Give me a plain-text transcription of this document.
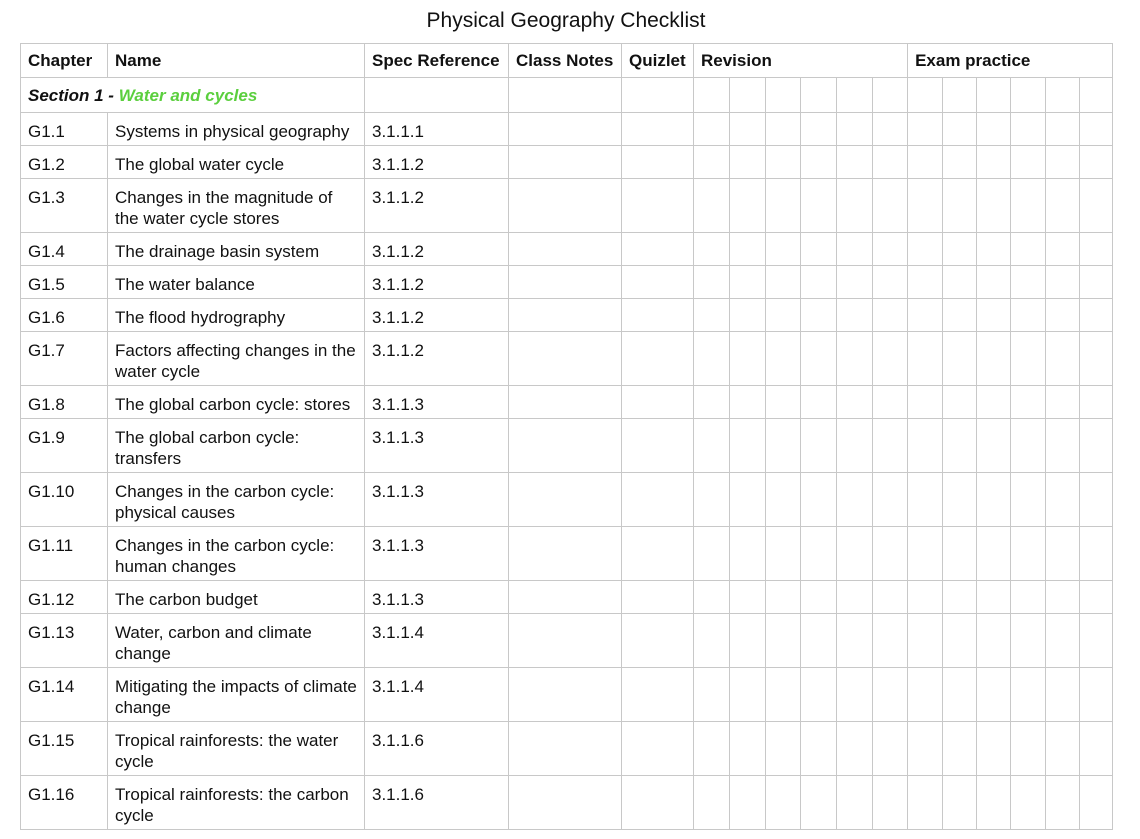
Physical Geography Checklist
Chapter	Name	Spec Reference	Class Notes	Quizlet	Revision						Exam practice					
Section 1 - Water and cycles																
G1.1	Systems in physical geography	3.1.1.1														
G1.2	The global water cycle	3.1.1.2														
G1.3	Changes in the magnitude of the water cycle stores	3.1.1.2														
G1.4	The drainage basin system	3.1.1.2														
G1.5	The water balance	3.1.1.2														
G1.6	The flood hydrography	3.1.1.2														
G1.7	Factors affecting changes in the water cycle	3.1.1.2														
G1.8	The global carbon cycle: stores	3.1.1.3														
G1.9	The global carbon cycle: transfers	3.1.1.3														
G1.10	Changes in the carbon cycle: physical causes	3.1.1.3														
G1.11	Changes in the carbon cycle: human changes	3.1.1.3														
G1.12	The carbon budget	3.1.1.3														
G1.13	Water, carbon and climate change	3.1.1.4														
G1.14	Mitigating the impacts of climate change	3.1.1.4														
G1.15	Tropical rainforests: the water cycle	3.1.1.6														
G1.16	Tropical rainforests: the carbon cycle	3.1.1.6														
